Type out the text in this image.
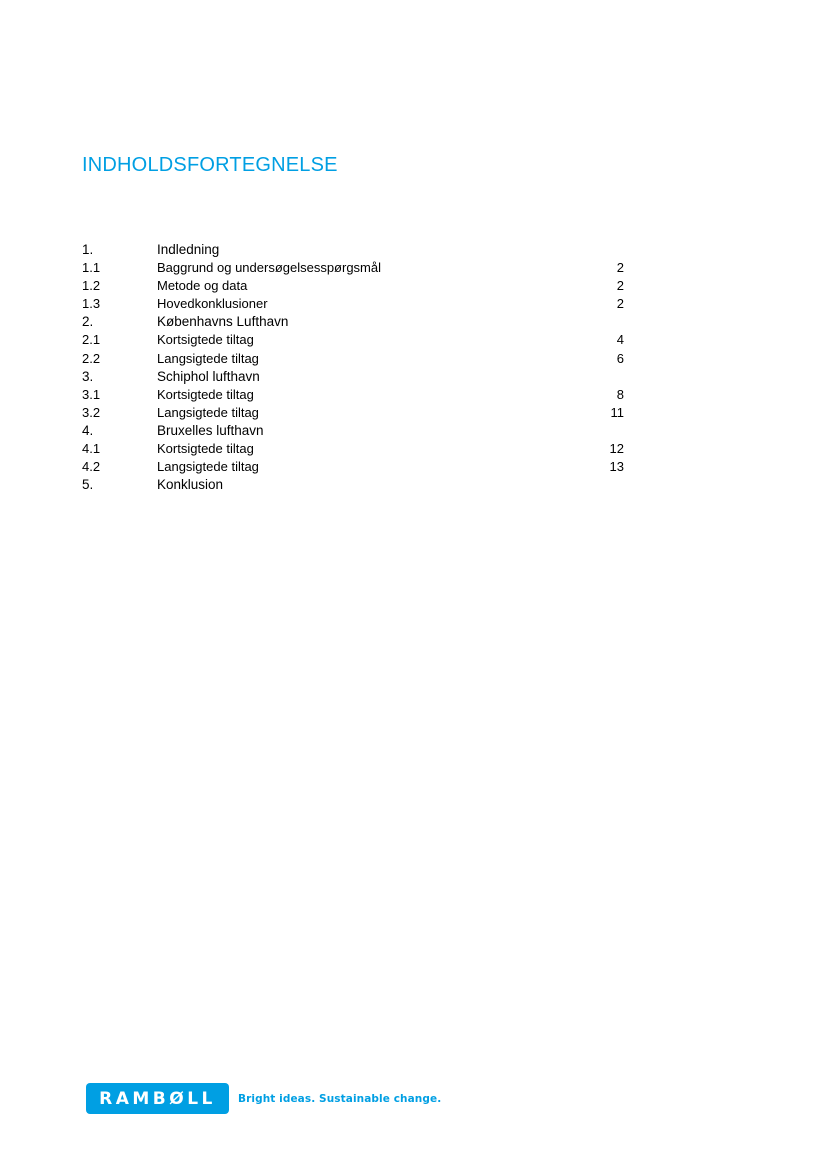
INDHOLDSFORTEGNELSE
1.	Indledning
1.1	Baggrund og undersøgelsesspørgsmål	2
1.2	Metode og data	2
1.3	Hovedkonklusioner	2
2.	Københavns Lufthavn
2.1	Kortsigtede tiltag	4
2.2	Langsigtede tiltag	6
3.	Schiphol lufthavn
3.1	Kortsigtede tiltag	8
3.2	Langsigtede tiltag	11
4.	Bruxelles lufthavn
4.1	Kortsigtede tiltag	12
4.2	Langsigtede tiltag	13
5.	Konklusion
RAMBØLL Bright ideas. Sustainable change.
